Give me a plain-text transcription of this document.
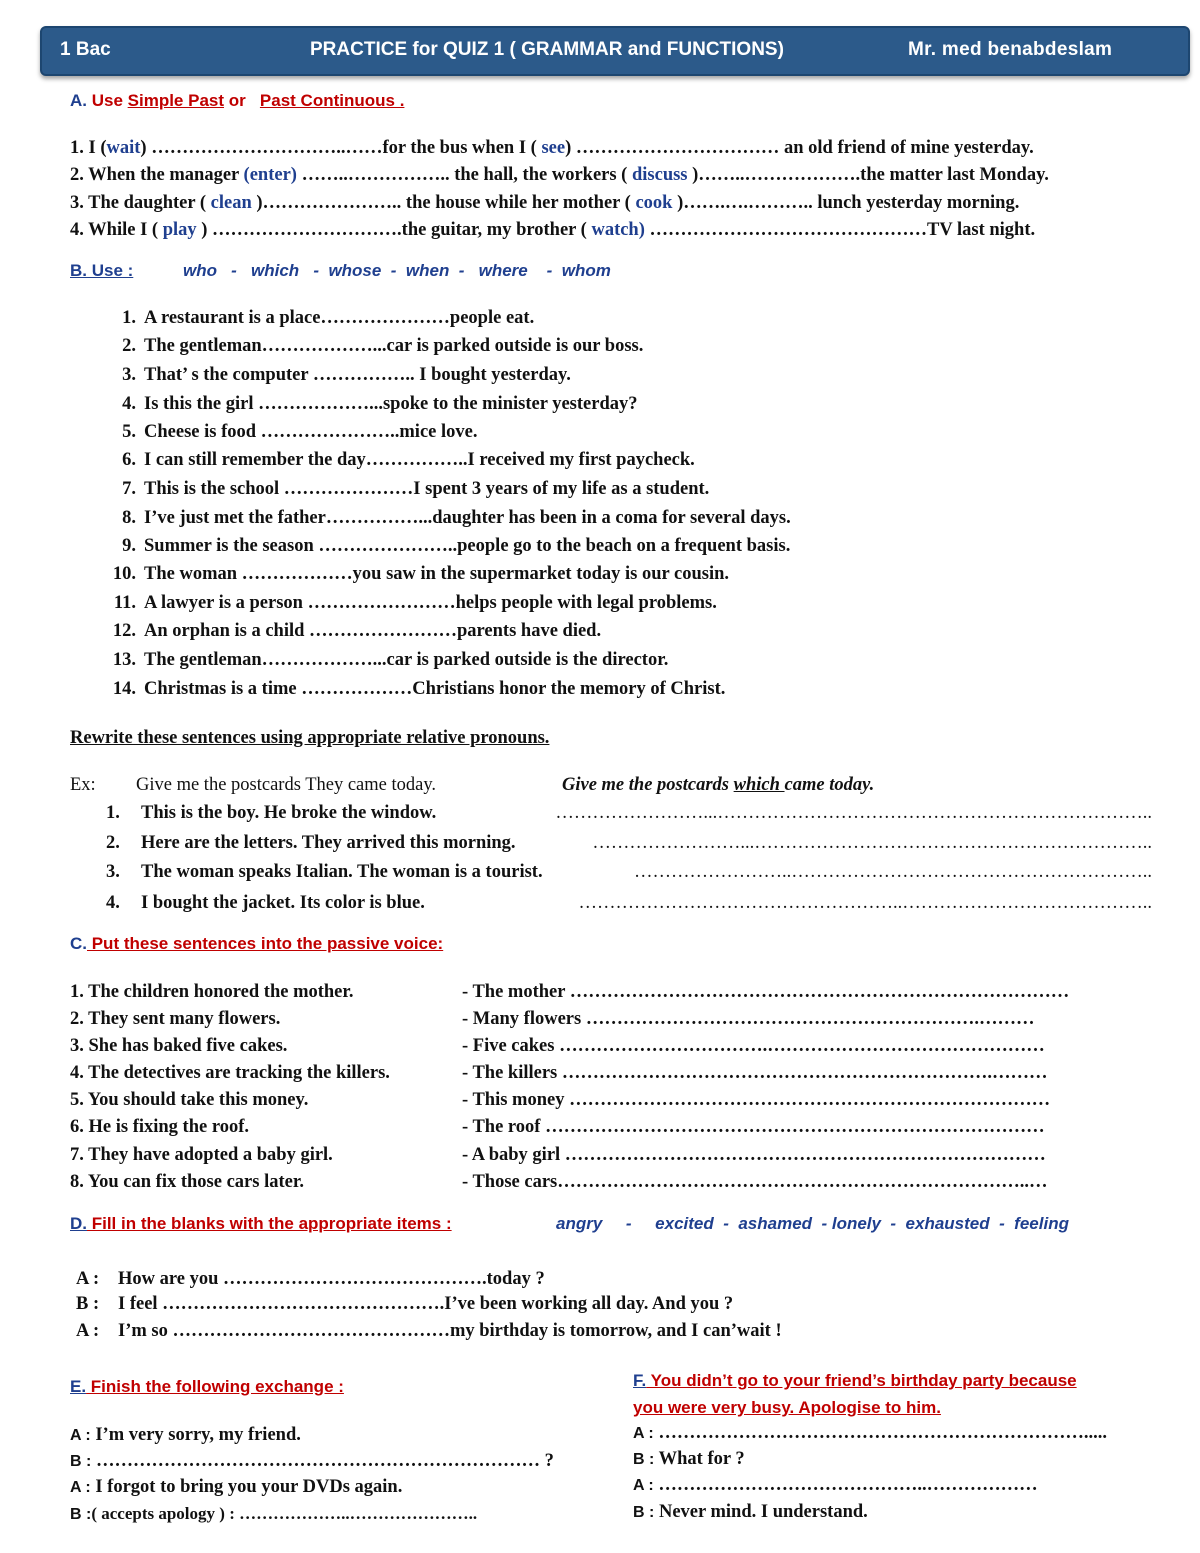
1 Bac	PRACTICE for QUIZ 1 ( GRAMMAR and FUNCTIONS)	Mr. med benabdeslam
A. Use Simple Past or   Past Continuous .
1. I (wait) …………………………..……for the bus when I ( see) …………………………… an old friend of mine yesterday.
2. When the manager (enter) ……..…………….. the hall, the workers ( discuss )……..……………….the matter last Monday.
3. The daughter ( clean )………………….. the house while her mother ( cook )…….….……….. lunch yesterday morning.
4. While I ( play ) ………………………….the guitar, my brother ( watch) ………………………………………TV last night.
B. Use :	who   -   which   -  whose  -  when  -   where    -  whom
1. A restaurant is a place…………………people eat.
2. The gentleman………………...car is parked outside is our boss.
3. That’ s the computer …………….. I bought yesterday.
4. Is this the girl ………………...spoke to the minister yesterday?
5. Cheese is food …………………..mice love.
6. I can still remember the day……………..I received my first paycheck.
7. This is the school …………………I spent 3 years of my life as a student.
8. I’ve just met the father……………...daughter has been in a coma for several days.
9. Summer is the season …………………..people go to the beach on a frequent basis.
10. The woman ………………you saw in the supermarket today is our cousin.
11. A lawyer is a person ……………………helps people with legal problems.
12. An orphan is a child ……………………parents have died.
13. The gentleman………………...car is parked outside is the director.
14. Christmas is a time ………………Christians honor the memory of Christ.
Rewrite these sentences using appropriate relative pronouns.
Ex: Give me the postcards They came today.	Give me the postcards which came today.
1. This is the boy. He broke the window.	……………………...……………………………………………………………..
2. Here are the letters. They arrived this morning.	……………………...………………………………………………………..
3. The woman speaks Italian. The woman is a tourist.	……………………..…………………………………………………..
4. I bought the jacket. Its color is blue.	……………………………………………..…………………………………..
C. Put these sentences into the passive voice:
1. The children honored the mother.	- The mother ………………………………………………………………………
2. They sent many flowers.	- Many flowers ……………………………………………………….………
3. She has baked five cakes.	- Five cakes …………………………….………………………………………
4. The detectives are tracking the killers.	- The killers …………………………………………………………….………
5. You should take this money.	- This money ……………………………………………………………………
6. He is fixing the roof.	- The roof ………………………………………………………………………
7. They have adopted a baby girl.	- A baby girl ……………………………………………………………………
8. You can fix those cars later.	- Those cars…………………………………………………………………..…
D. Fill in the blanks with the appropriate items :	angry     -     excited  -  ashamed  - lonely  -  exhausted  -  feeling
A : How are you …………………………………….today ?
B : I feel ……………………………………….I’ve been working all day. And you ?
A : I’m so ………………………………………my birthday is tomorrow, and I can’wait !
E. Finish the following exchange :
A : I’m very sorry, my friend.
B : ……………………………………………………………… ?
A : I forgot to bring you your DVDs again.
B :( accepts apology ) : ………………..…………………..
F. You didn’t go to your friend’s birthday party because
you were very busy. Apologise to him.
A : …………………………………………………………….....
B : What for ?
A : ……………………………………..………………
B : Never mind. I understand.
